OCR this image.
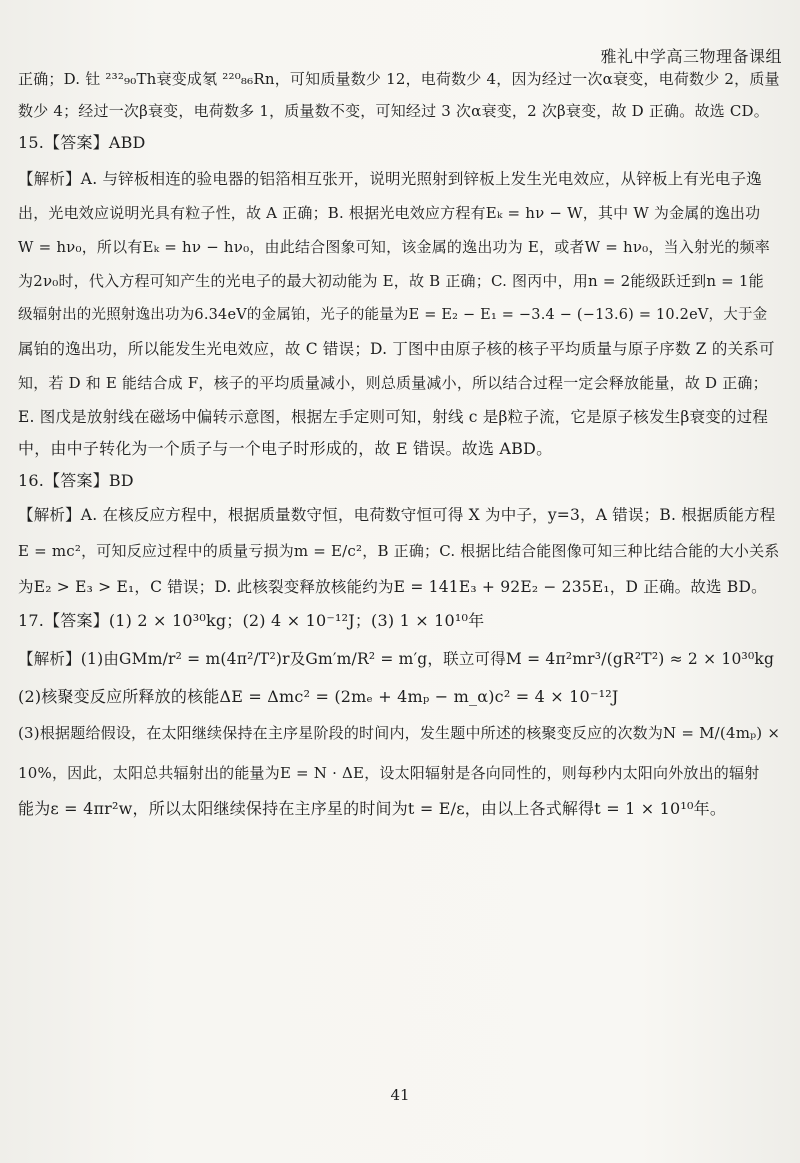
雅礼中学高三物理备课组
正确；D. 钍 ²³²₉₀Th衰变成氡 ²²⁰₈₆Rn，可知质量数少 12，电荷数少 4，因为经过一次α衰变，电荷数少 2，质量
数少 4；经过一次β衰变，电荷数多 1，质量数不变，可知经过 3 次α衰变，2 次β衰变，故 D 正确。故选 CD。
15.【答案】ABD
【解析】A. 与锌板相连的验电器的铝箔相互张开，说明光照射到锌板上发生光电效应，从锌板上有光电子逸
出，光电效应说明光具有粒子性，故 A 正确；B. 根据光电效应方程有Eₖ = hν − W，其中 W 为金属的逸出功
W = hν₀，所以有Eₖ = hν − hν₀，由此结合图象可知，该金属的逸出功为 E，或者W = hν₀，当入射光的频率
为2ν₀时，代入方程可知产生的光电子的最大初动能为 E，故 B 正确；C. 图丙中，用n = 2能级跃迁到n = 1能
级辐射出的光照射逸出功为6.34eV的金属铂，光子的能量为E = E₂ − E₁ = −3.4 − (−13.6) = 10.2eV，大于金
属铂的逸出功，所以能发生光电效应，故 C 错误；D. 丁图中由原子核的核子平均质量与原子序数 Z 的关系可
知，若 D 和 E 能结合成 F，核子的平均质量减小，则总质量减小，所以结合过程一定会释放能量，故 D 正确；
E. 图戊是放射线在磁场中偏转示意图，根据左手定则可知，射线 c 是β粒子流，它是原子核发生β衰变的过程
中，由中子转化为一个质子与一个电子时形成的，故 E 错误。故选 ABD。
16.【答案】BD
【解析】A. 在核反应方程中，根据质量数守恒，电荷数守恒可得 X 为中子，y=3，A 错误；B. 根据质能方程
E = mc²，可知反应过程中的质量亏损为m = E/c²，B 正确；C. 根据比结合能图像可知三种比结合能的大小关系
为E₂ > E₃ > E₁，C 错误；D. 此核裂变释放核能约为E = 141E₃ + 92E₂ − 235E₁，D 正确。故选 BD。
17.【答案】(1) 2 × 10³⁰kg；(2) 4 × 10⁻¹²J；(3) 1 × 10¹⁰年
【解析】(1)由GMm/r² = m(4π²/T²)r及Gm′m/R² = m′g，联立可得M = 4π²mr³/(gR²T²) ≈ 2 × 10³⁰kg
(2)核聚变反应所释放的核能ΔE = Δmc² = (2mₑ + 4mₚ − m_α)c² = 4 × 10⁻¹²J
(3)根据题给假设，在太阳继续保持在主序星阶段的时间内，发生题中所述的核聚变反应的次数为N = M/(4mₚ) ×
10%，因此，太阳总共辐射出的能量为E = N · ΔE，设太阳辐射是各向同性的，则每秒内太阳向外放出的辐射
能为ε = 4πr²w，所以太阳继续保持在主序星的时间为t = E/ε，由以上各式解得t = 1 × 10¹⁰年。
41
